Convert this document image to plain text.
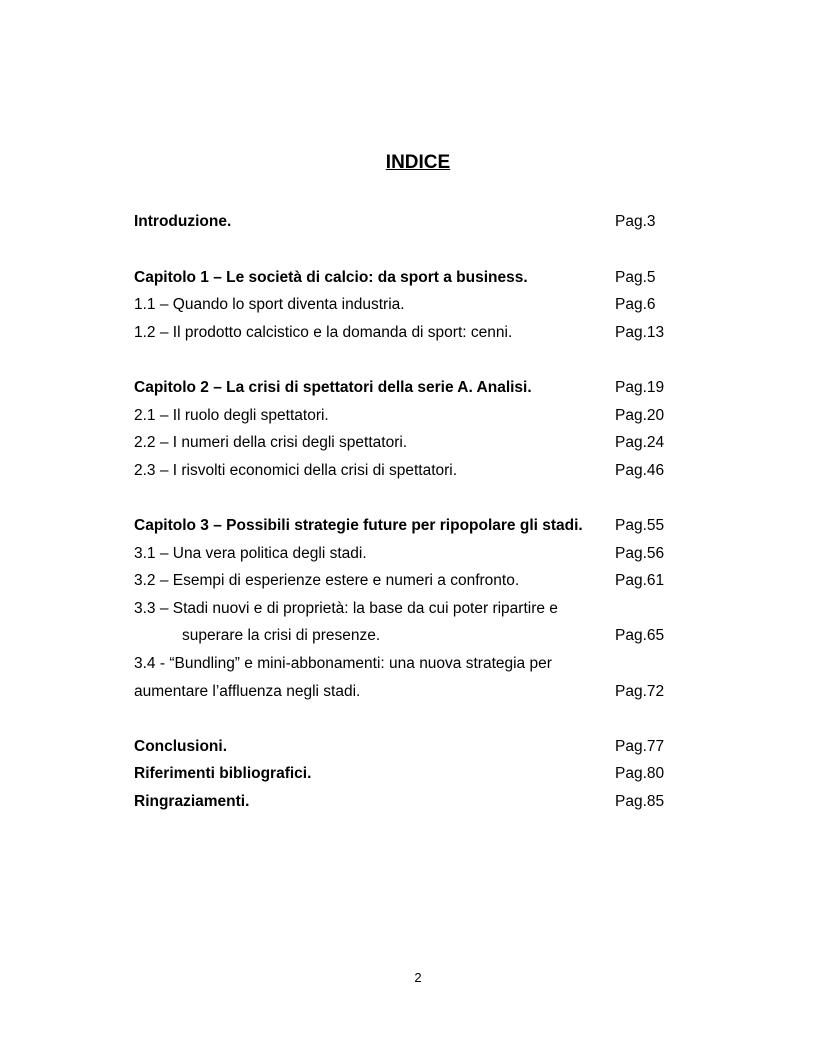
INDICE
Introduzione.	Pag.3
Capitolo 1 – Le società di calcio: da sport a business.	Pag.5
1.1 – Quando lo sport diventa industria.	Pag.6
1.2 – Il prodotto calcistico e la domanda di sport: cenni.	Pag.13
Capitolo 2 – La crisi di spettatori della serie A. Analisi.	Pag.19
2.1 – Il ruolo degli spettatori.	Pag.20
2.2 – I numeri della crisi degli spettatori.	Pag.24
2.3 – I risvolti economici della crisi di spettatori.	Pag.46
Capitolo 3 – Possibili strategie future per ripopolare gli stadi. Pag.55
3.1 – Una vera politica degli stadi.	Pag.56
3.2 – Esempi di esperienze estere e numeri a confronto.	Pag.61
3.3 – Stadi nuovi e di proprietà: la base da cui poter ripartire e
superare la crisi di presenze.	Pag.65
3.4 - “Bundling” e mini-abbonamenti: una nuova strategia per
aumentare l’affluenza negli stadi.	Pag.72
Conclusioni.	Pag.77
Riferimenti bibliografici.	Pag.80
Ringraziamenti.	Pag.85
2
